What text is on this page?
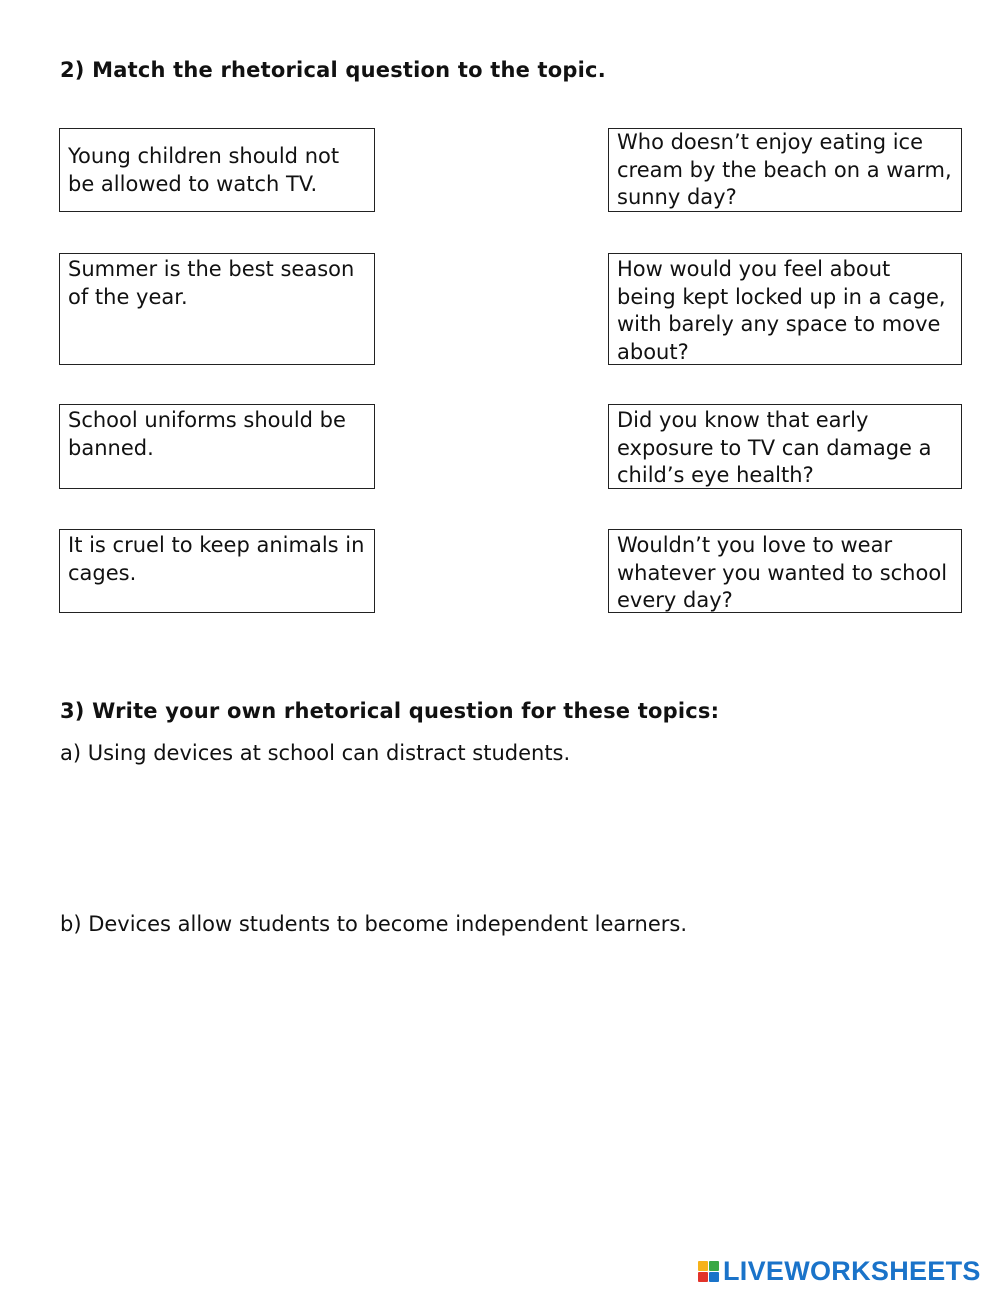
2) Match the rhetorical question to the topic.
Young children should not be allowed to watch TV.
Summer is the best season of the year.
School uniforms should be banned.
It is cruel to keep animals in cages.
Who doesn’t enjoy eating ice cream by the beach on a warm, sunny day?
How would you feel about being kept locked up in a cage, with barely any space to move about?
Did you know that early exposure to TV can damage a child’s eye health?
Wouldn’t you love to wear whatever you wanted to school every day?
3) Write your own rhetorical question for these topics:

a) Using devices at school can distract students.

b) Devices allow students to become independent learners.

LIVEWORKSHEETS
